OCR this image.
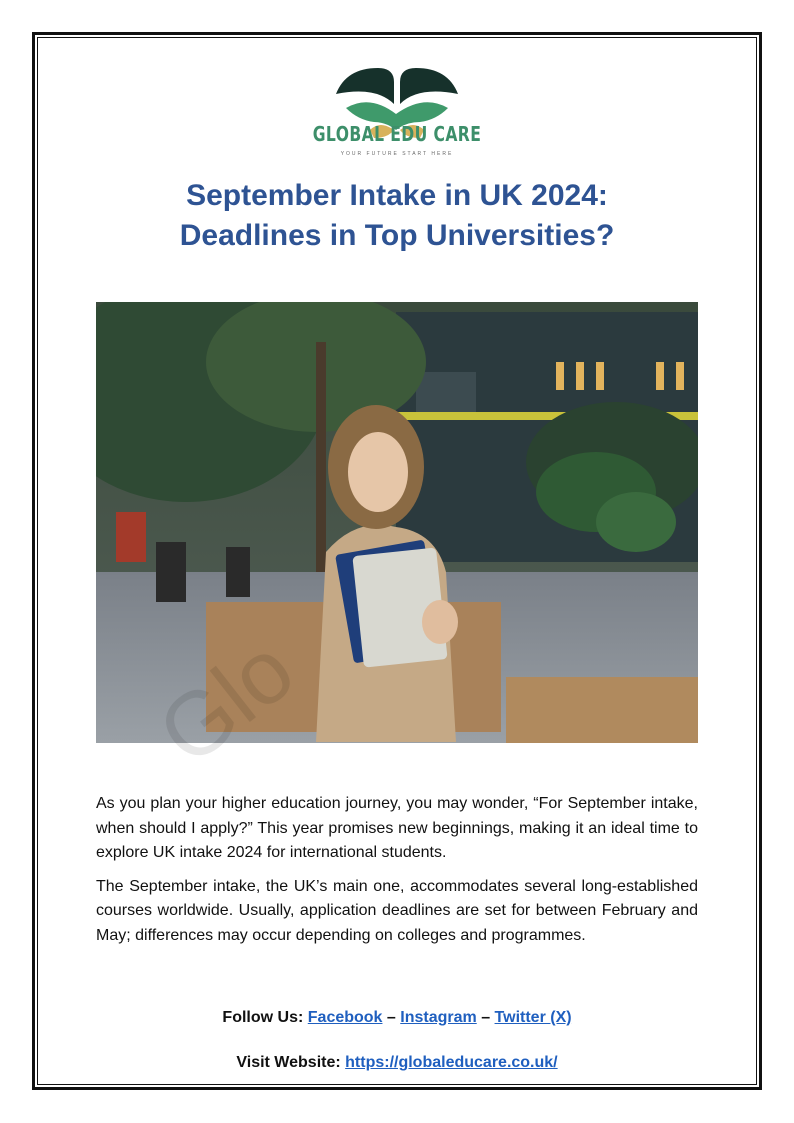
GLOBAL EDU CARE
YOUR FUTURE START HERE
September Intake in UK 2024:
Deadlines in Top Universities?

As you plan your higher education journey, you may wonder, “For September intake, when should I apply?” This year promises new beginnings, making it an ideal time to explore UK intake 2024 for international students.

The September intake, the UK’s main one, accommodates several long-established courses worldwide. Usually, application deadlines are set for between February and May; differences may occur depending on colleges and programmes.

Follow Us: Facebook – Instagram – Twitter (X)
Visit Website: https://globaleducare.co.uk/
